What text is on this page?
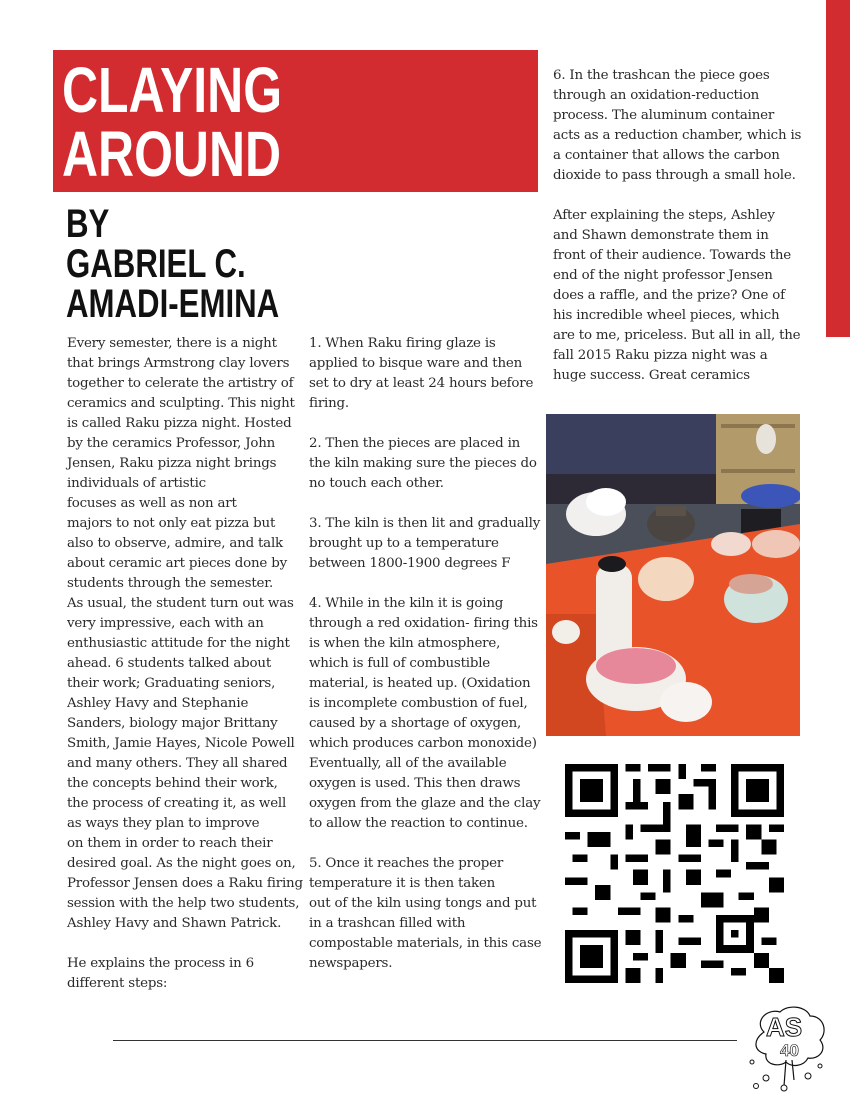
CLAYING
AROUND
BY
GABRIEL C.
AMADI-EMINA

Every semester, there is a night that brings Armstrong clay lovers together to celerate the artistry of ceramics and sculpting. This night is called Raku pizza night. Hosted by the ceramics Professor, John Jensen, Raku pizza night brings individuals of artistic
focuses as well as non art
majors to not only eat pizza but also to observe, admire, and talk about ceramic art pieces done by students through the semester.
As usual, the student turn out was very impressive, each with an enthusiastic attitude for the night ahead. 6 students talked about their work; Graduating seniors, Ashley Havy and Stephanie Sanders, biology major Brittany Smith, Jamie Hayes, Nicole Powell and many others. They all shared the concepts behind their work, the process of creating it, as well as ways they plan to improve
on them in order to reach their desired goal. As the night goes on, Professor Jensen does a Raku firing session with the help two students, Ashley Havy and Shawn Patrick.

He explains the process in 6 different steps:

1. When Raku firing glaze is applied to bisque ware and then set to dry at least 24 hours before firing.

2. Then the pieces are placed in the kiln making sure the pieces do no touch each other.

3. The kiln is then lit and gradually brought up to a temperature between 1800-1900 degrees F

4. While in the kiln it is going through a red oxidation- firing this is when the kiln atmosphere, which is full of combustible material, is heated up. (Oxidation is incomplete combustion of fuel, caused by a shortage of oxygen, which produces carbon monoxide) Eventually, all of the available oxygen is used. This then draws oxygen from the glaze and the clay to allow the reaction to continue.

5. Once it reaches the proper temperature it is then taken
out of the kiln using tongs and put in a trashcan filled with compostable materials, in this case newspapers.

6. In the trashcan the piece goes through an oxidation-reduction process. The aluminum container acts as a reduction chamber, which is a container that allows the carbon dioxide to pass through a small hole.

After explaining the steps, Ashley and Shawn demonstrate them in front of their audience. Towards the end of the night professor Jensen does a raffle, and the prize? One of his incredible wheel pieces, which are to me, priceless. But all in all, the fall 2015 Raku pizza night was a huge success. Great ceramics

AS
40
